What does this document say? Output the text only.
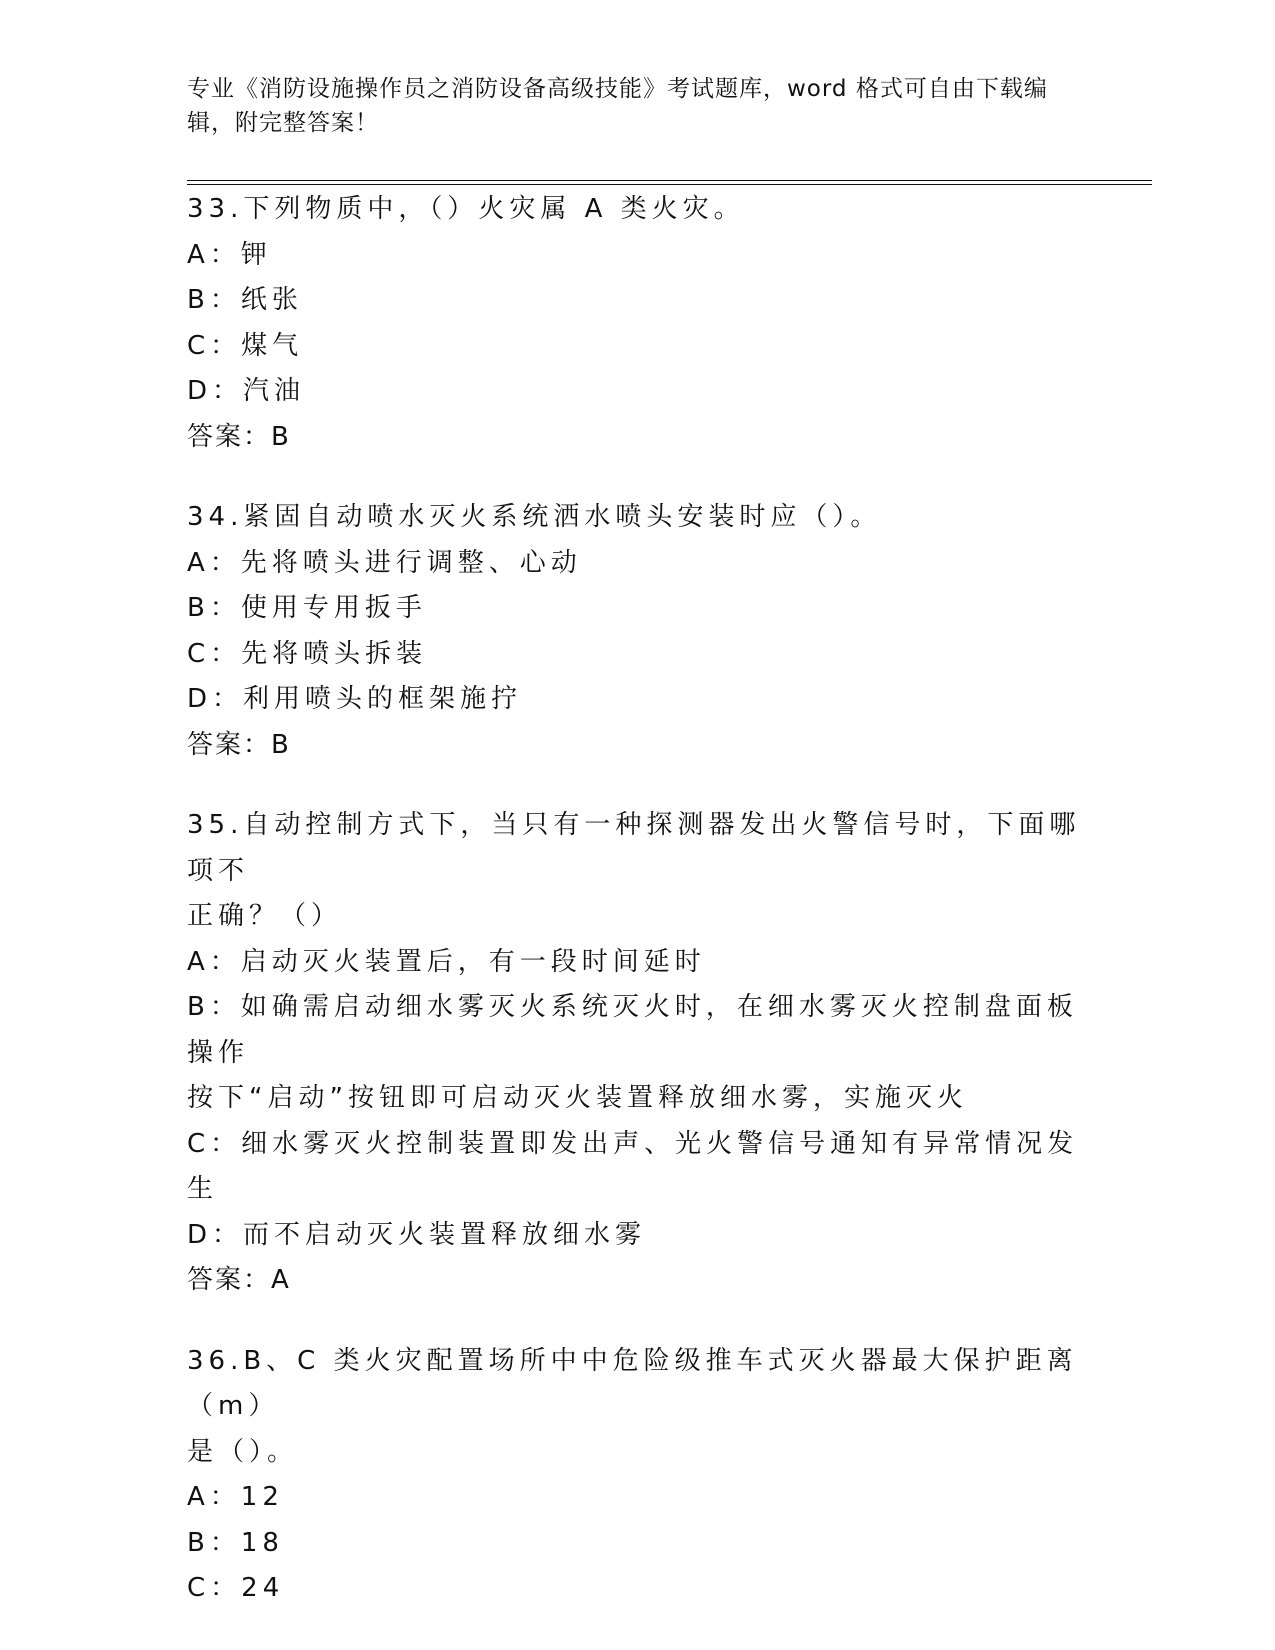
专业《消防设施操作员之消防设备高级技能》考试题库，word 格式可自由下载编
辑，附完整答案！
33.下列物质中，（）火灾属 A 类火灾。
A：钾
B：纸张
C：煤气
D：汽油
答案：B
34.紧固自动喷水灭火系统洒水喷头安装时应（）。
A：先将喷头进行调整、心动
B：使用专用扳手
C：先将喷头拆装
D：利用喷头的框架施拧
答案：B
35.自动控制方式下，当只有一种探测器发出火警信号时，下面哪项不
正确？（）
A：启动灭火装置后，有一段时间延时
B：如确需启动细水雾灭火系统灭火时，在细水雾灭火控制盘面板操作
按下“启动”按钮即可启动灭火装置释放细水雾，实施灭火
C：细水雾灭火控制装置即发出声、光火警信号通知有异常情况发生
D：而不启动灭火装置释放细水雾
答案：A
36.B、C 类火灾配置场所中中危险级推车式灭火器最大保护距离（m）
是（）。
A：12
B：18
C：24
